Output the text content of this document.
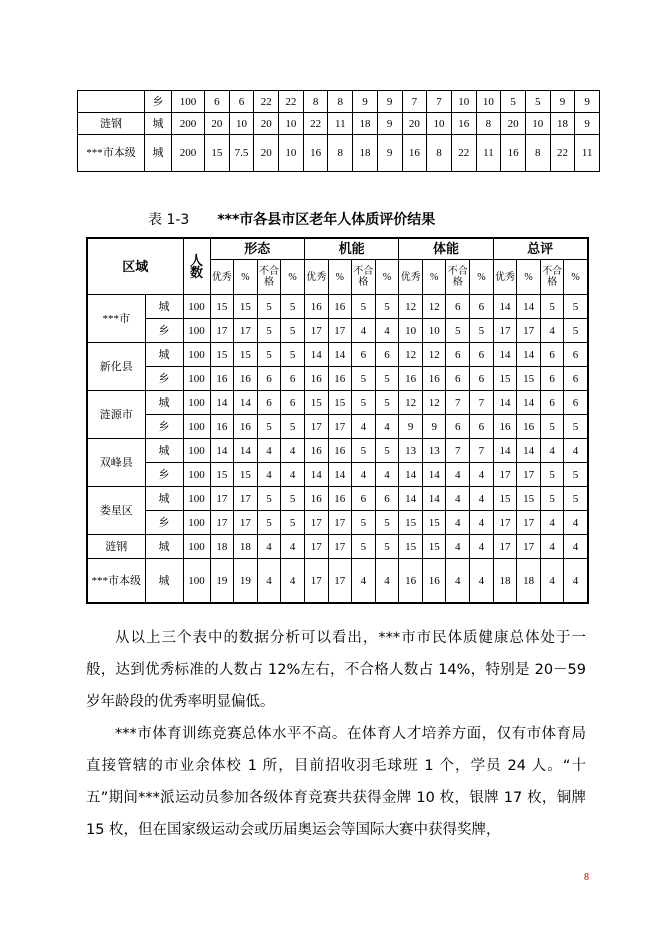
	乡	100	6	6	22	22	8	8	9	9	7	7	10	10	5	5	9	9
涟钢	城	200	20	10	20	10	22	11	18	9	20	10	16	8	20	10	18	9
***市本级	城	200	15	7.5	20	10	16	8	18	9	16	8	22	11	16	8	22	11
表 1-3 ***市各县市区老年人体质评价结果
区域		人数	形态				机能				体能				总评			
			优秀	%	不合格	%	优秀	%	不合格	%	优秀	%	不合格	%	优秀	%	不合格	%
***市	城	100	15	15	5	5	16	16	5	5	12	12	6	6	14	14	5	5
	乡	100	17	17	5	5	17	17	4	4	10	10	5	5	17	17	4	5
新化县	城	100	15	15	5	5	14	14	6	6	12	12	6	6	14	14	6	6
	乡	100	16	16	6	6	16	16	5	5	16	16	6	6	15	15	6	6
涟源市	城	100	14	14	6	6	15	15	5	5	12	12	7	7	14	14	6	6
	乡	100	16	16	5	5	17	17	4	4	9	9	6	6	16	16	5	5
双峰县	城	100	14	14	4	4	16	16	5	5	13	13	7	7	14	14	4	4
	乡	100	15	15	4	4	14	14	4	4	14	14	4	4	17	17	5	5
娄星区	城	100	17	17	5	5	16	16	6	6	14	14	4	4	15	15	5	5
	乡	100	17	17	5	5	17	17	5	5	15	15	4	4	17	17	4	4
涟钢	城	100	18	18	4	4	17	17	5	5	15	15	4	4	17	17	4	4
***市本级	城	100	19	19	4	4	17	17	4	4	16	16	4	4	18	18	4	4

从以上三个表中的数据分析可以看出，***市市民体质健康总体处于一般，达到优秀标准的人数占 12%左右，不合格人数占 14%，特别是 20－59 岁年龄段的优秀率明显偏低。

***市体育训练竞赛总体水平不高。在体育人才培养方面，仅有市体育局直接管辖的市业余体校 1 所，目前招收羽毛球班 1 个，学员 24 人。“十五”期间***派运动员参加各级体育竞赛共获得金牌 10 枚，银牌 17 枚，铜牌 15 枚，但在国家级运动会或历届奥运会等国际大赛中获得奖牌，

8
